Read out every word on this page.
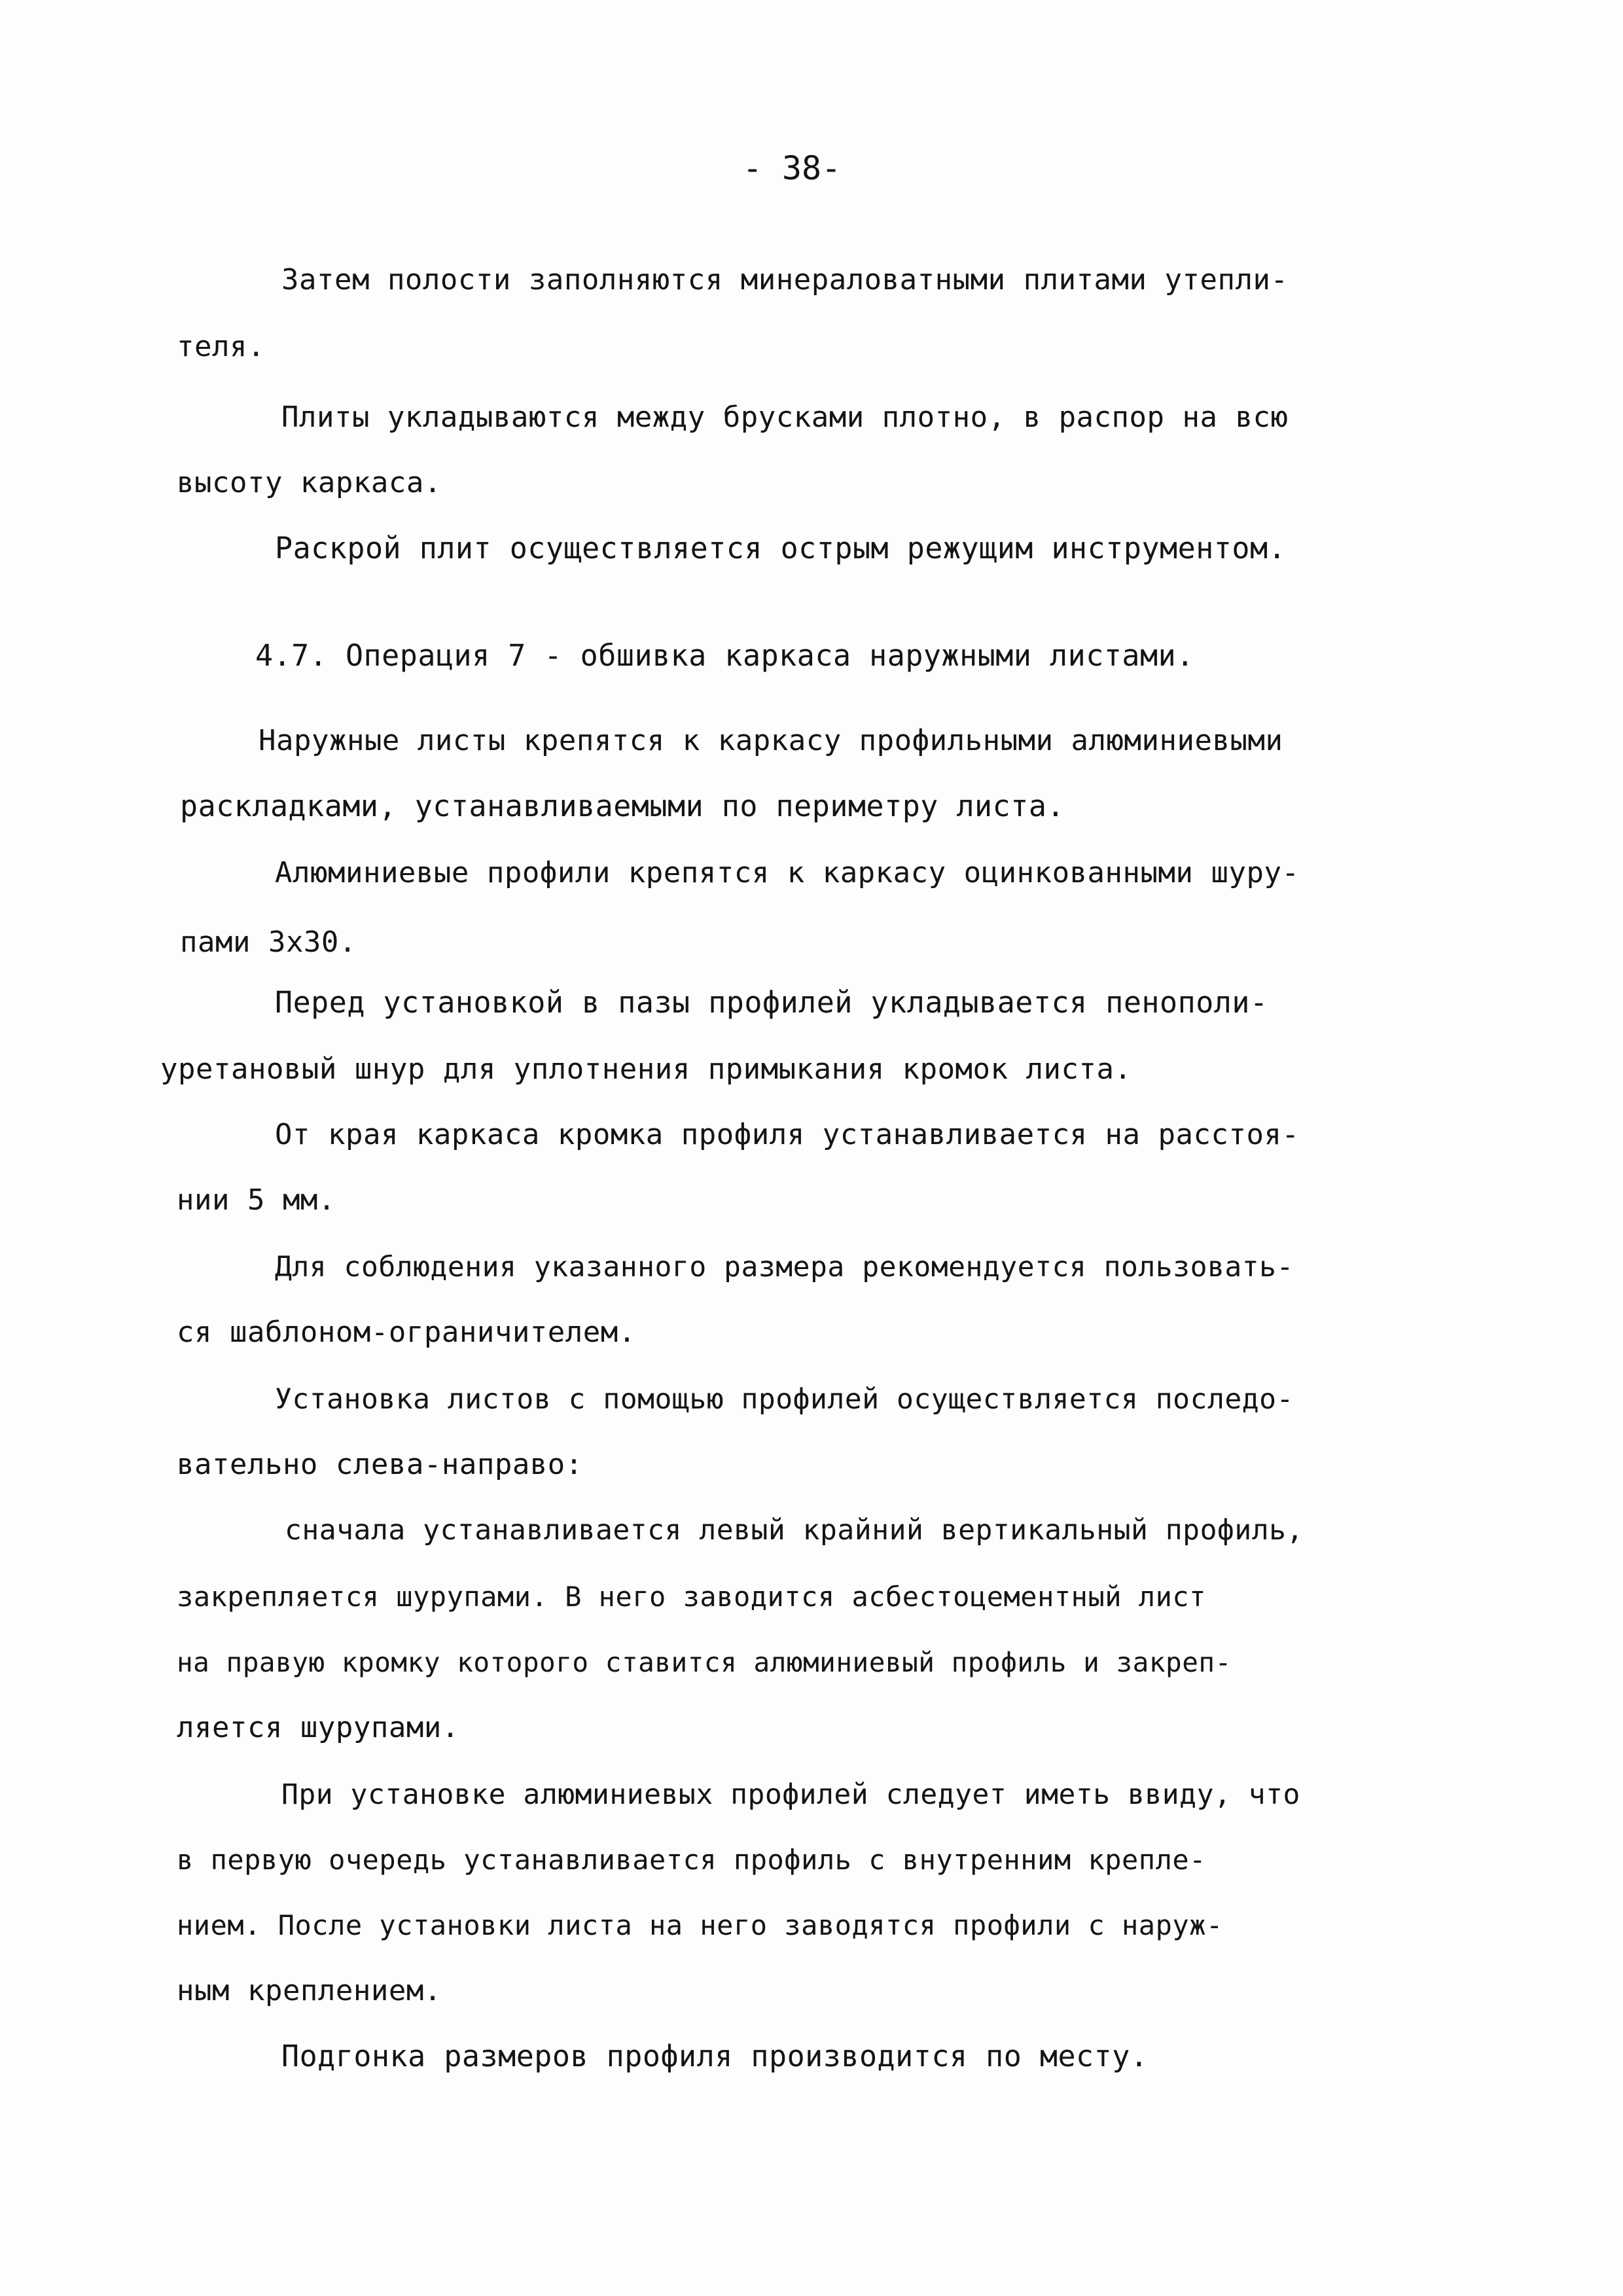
- 38-
Затем полости заполняются минераловатными плитами утепли-
теля.
Плиты укладываются между брусками плотно, в распор на всю
высоту каркаса.
Раскрой плит осуществляется острым режущим инструментом.
4.7. Операция 7 - обшивка каркаса наружными листами.
Наружные листы крепятся к каркасу профильными алюминиевыми
раскладками, устанавливаемыми по периметру листа.
Алюминиевые профили крепятся к каркасу оцинкованными шуру-
пами 3х30.
Перед установкой в пазы профилей укладывается пенополи-
уретановый шнур для уплотнения примыкания кромок листа.
От края каркаса кромка профиля устанавливается на расстоя-
нии 5 мм.
Для соблюдения указанного размера рекомендуется пользовать-
ся шаблоном-ограничителем.
Установка листов с помощью профилей осуществляется последо-
вательно слева-направо:
сначала устанавливается левый крайний вертикальный профиль,
закрепляется шурупами. В него заводится асбестоцементный лист
на правую кромку которого ставится алюминиевый профиль и закреп-
ляется шурупами.
При установке алюминиевых профилей следует иметь ввиду, что
в первую очередь устанавливается профиль с внутренним крепле-
нием. После установки листа на него заводятся профили с наруж-
ным креплением.
Подгонка размеров профиля производится по месту.
